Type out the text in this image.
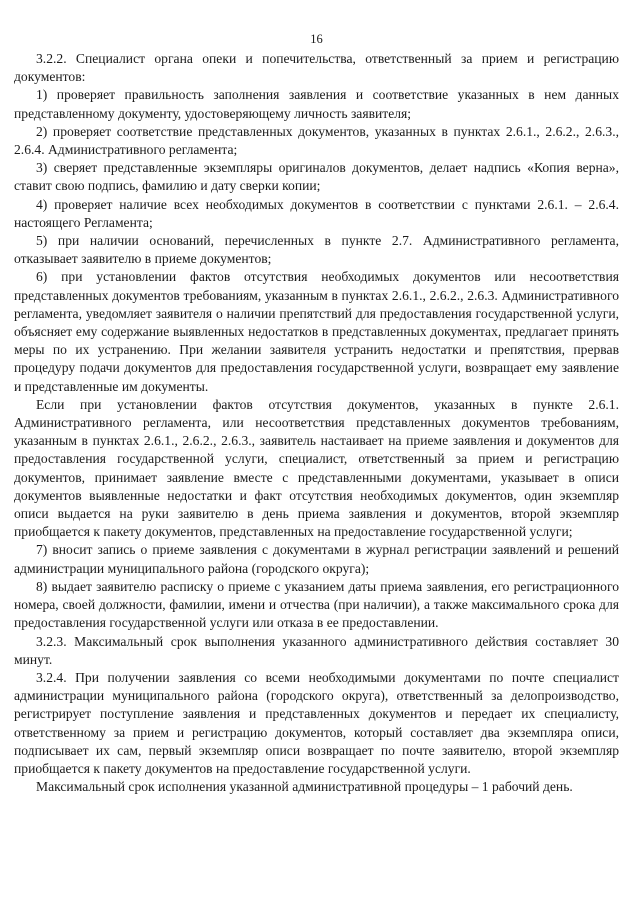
16

3.2.2. Специалист органа опеки и попечительства, ответственный за прием и регистрацию документов:

1) проверяет правильность заполнения заявления и соответствие указанных в нем данных представленному документу, удостоверяющему личность заявителя;

2) проверяет соответствие представленных документов, указанных в пунктах 2.6.1., 2.6.2., 2.6.3., 2.6.4. Административного регламента;

3) сверяет представленные экземпляры оригиналов документов, делает надпись «Копия верна», ставит свою подпись, фамилию и дату сверки копии;

4) проверяет наличие всех необходимых документов в соответствии с пунктами 2.6.1. – 2.6.4. настоящего Регламента;

5) при наличии оснований, перечисленных в пункте 2.7. Административного регламента, отказывает заявителю в приеме документов;

6) при установлении фактов отсутствия необходимых документов или несоответствия представленных документов требованиям, указанным в пунктах 2.6.1., 2.6.2., 2.6.3. Административного регламента, уведомляет заявителя о наличии препятствий для предоставления государственной услуги, объясняет ему содержание выявленных недостатков в представленных документах, предлагает принять меры по их устранению. При желании заявителя устранить недостатки и препятствия, прервав процедуру подачи документов для предоставления государственной услуги, возвращает ему заявление и представленные им документы.

Если при установлении фактов отсутствия документов, указанных в пункте 2.6.1. Административного регламента, или несоответствия представленных документов требованиям, указанным в пунктах 2.6.1., 2.6.2., 2.6.3., заявитель настаивает на приеме заявления и документов для предоставления государственной услуги, специалист, ответственный за прием и регистрацию документов, принимает заявление вместе с представленными документами, указывает в описи документов выявленные недостатки и факт отсутствия необходимых документов, один экземпляр описи выдается на руки заявителю в день приема заявления и документов, второй экземпляр приобщается к пакету документов, представленных на предоставление государственной услуги;

7) вносит запись о приеме заявления с документами в журнал регистрации заявлений и решений администрации муниципального района (городского округа);

8) выдает заявителю расписку о приеме с указанием даты приема заявления, его регистрационного номера, своей должности, фамилии, имени и отчества (при наличии), а также максимального срока для предоставления государственной услуги или отказа в ее предоставлении.

3.2.3. Максимальный срок выполнения указанного административного действия составляет 30 минут.

3.2.4. При получении заявления со всеми необходимыми документами по почте специалист администрации муниципального района (городского округа), ответственный за делопроизводство, регистрирует поступление заявления и представленных документов и передает их специалисту, ответственному за прием и регистрацию документов, который составляет два экземпляра описи, подписывает их сам, первый экземпляр описи возвращает по почте заявителю, второй экземпляр приобщается к пакету документов на предоставление государственной услуги.

Максимальный срок исполнения указанной административной процедуры – 1 рабочий день.
